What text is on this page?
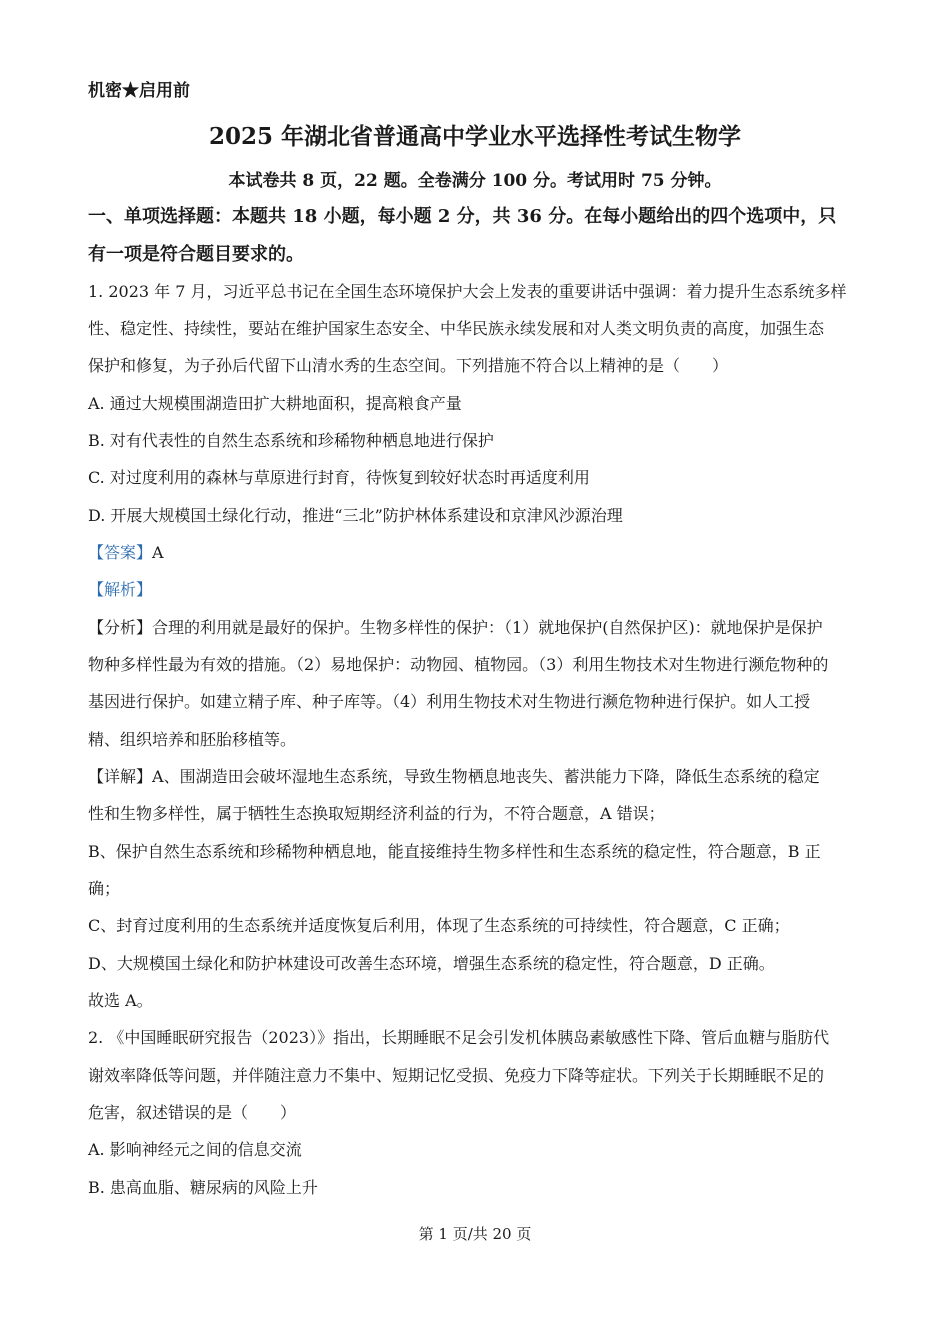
机密★启用前
2025 年湖北省普通高中学业水平选择性考试生物学
本试卷共 8 页，22 题。全卷满分 100 分。考试用时 75 分钟。
一、单项选择题：本题共 18 小题，每小题 2 分，共 36 分。在每小题给出的四个选项中，只
有一项是符合题目要求的。
1. 2023 年 7 月，习近平总书记在全国生态环境保护大会上发表的重要讲话中强调：着力提升生态系统多样
性、稳定性、持续性，要站在维护国家生态安全、中华民族永续发展和对人类文明负责的高度，加强生态
保护和修复，为子孙后代留下山清水秀的生态空间。下列措施不符合以上精神的是（　　）
A. 通过大规模围湖造田扩大耕地面积，提高粮食产量
B. 对有代表性的自然生态系统和珍稀物种栖息地进行保护
C. 对过度利用的森林与草原进行封育，待恢复到较好状态时再适度利用
D. 开展大规模国土绿化行动，推进“三北”防护林体系建设和京津风沙源治理
【答案】A
【解析】
【分析】合理的利用就是最好的保护。生物多样性的保护：（1）就地保护(自然保护区)：就地保护是保护
物种多样性最为有效的措施。（2）易地保护：动物园、植物园。（3）利用生物技术对生物进行濒危物种的
基因进行保护。如建立精子库、种子库等。（4）利用生物技术对生物进行濒危物种进行保护。如人工授
精、组织培养和胚胎移植等。
【详解】A、围湖造田会破坏湿地生态系统，导致生物栖息地丧失、蓄洪能力下降，降低生态系统的稳定
性和生物多样性，属于牺牲生态换取短期经济利益的行为，不符合题意，A 错误；
B、保护自然生态系统和珍稀物种栖息地，能直接维持生物多样性和生态系统的稳定性，符合题意，B 正
确；
C、封育过度利用的生态系统并适度恢复后利用，体现了生态系统的可持续性，符合题意，C 正确；
D、大规模国土绿化和防护林建设可改善生态环境，增强生态系统的稳定性，符合题意，D 正确。
故选 A。
2. 《中国睡眠研究报告（2023）》指出，长期睡眠不足会引发机体胰岛素敏感性下降、管后血糖与脂肪代
谢效率降低等问题，并伴随注意力不集中、短期记忆受损、免疫力下降等症状。下列关于长期睡眠不足的
危害，叙述错误的是（　　）
A. 影响神经元之间的信息交流
B. 患高血脂、糖尿病的风险上升
第 1 页/共 20 页
